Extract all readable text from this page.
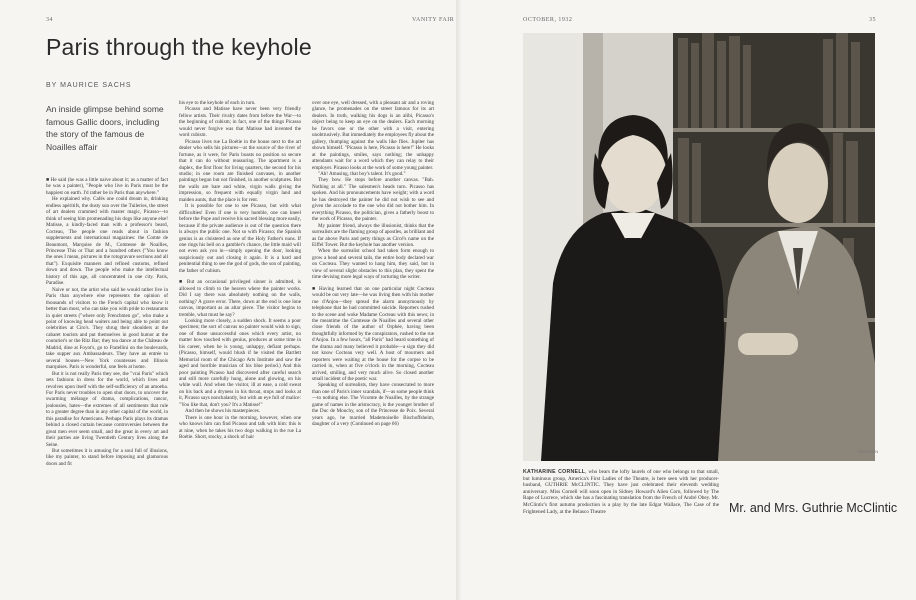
34	VANITY FAIR	OCTOBER, 1932	35
Paris through the keyhole
BY MAURICE SACHS

An inside glimpse behind some famous Gallic doors, including the story of the famous de Noailles affair

■ He said (he was a little naive about it; as a matter of fact he was a painter), "People who live in Paris must be the happiest on earth. I'd rather be in Paris than anywhere."

He explained why. Cafés one could dream in, drinking endless apéritifs, the dusty sun over the Tuileries, the street of art dealers crammed with master magic, Picasso—to think of seeing him promenading his dogs like anyone else! Matisse, a kindly-faced man with a professor's beard, Cocteau, The people one reads about in fashion supplements and international magazines: the Comte de Beaumont, Marquise de M., Comtesse de Noailles, Princesse This or That and a hundred others ("You know the ones I mean, pictures in the rotogravure sections and all that"). Exquisite manners and refined customs, refined down and down. The people who make the intellectual history of this age, all concentrated in one city. Paris, Paradise.

Naive or not, the artist who said he would rather live in Paris than anywhere else represents the opinion of thousands of visitors to the French capital who know it better than most, who can take you with pride to restaurants in quiet streets ("where only Frenchmen go", who make a point of knowing head waiters and being able to point out celebrities at Ciro's. They shrug their shoulders at the cabaret tourists and put themselves in good humor at the couturier's or the Ritz Bar; they tea dance at the Château de Madrid, dine at Foyot's, go to Fratellini on the boulevards, take supper aux Ambassadeurs. They have an entrée to several houses—New York countesses and Illinois marquises. Paris is wonderful, one feels at home.

But it is not really Paris they see, the "vrai Paris" which sets fashions in dress for the world, which lives and revolves upon itself with the self-sufficiency of an amoeba. For Paris never troubles to open shut doors, to uncover the swarming mélange of drama, complications, rancor, jealousies, hates—the extremes of all sentiments that rule to a greater degree than in any other capital of the world, in this paradise for Americans. Perhaps Paris plays its dramas behind a closed curtain because controversies between the great men ever seem small, and the great in every art and their parties are living Twentieth Century lives along the Seine.

But sometimes it is amusing for a soul full of illusions, like my painter, to stand before imposing and glamorous doors and fit

his eye to the keyhole of each in turn.

Picasso and Matisse have never been very friendly fellow artists. Their rivalry dates from before the War—to the beginning of cubism; in fact, one of the things Picasso would never forgive was that Matisse had invented the word cubism.

Picasso lives rue La Boétie in the house next to the art dealer who sells his pictures—at the source of the river of fortune, as it were, for Paris boasts no position so secure that it can do without reassuring. The apartment is a duplex, the first floor for living quarters, the second for his studio; in one room are finished canvases, in another paintings begun but not finished, in another sculptures. But the walls are bare and white, virgin walls giving the impression, so frequent with equally virgin land and maiden aunts, that the place is for rent.

It is possible for one to see Picasso, but with what difficulties! Even if one is very humble, one can kneel before the Pope and receive his sacred blessing more easily, because if the private audience is out of the question there is always the public one. Not so with Picasso; the Spanish genius is as cloistered as one of the Holy Father's nuns. If one rings his bell on a gambler's chance, the little maid will not even ask you in—simply opening the door, looking suspiciously out and closing it again. It is a hard and penitential thing to see the god of gods, the son of painting, the father of cubism.

■ But an occasional privileged sinner is admitted, is allowed to climb to the heaven where the painter works. Did I say there was absolutely nothing on the walls, nothing? A grave error. There, down at the end is one lone canvas, important as an altar piece. The visitor begins to tremble, what must he say?

Looking more closely, a sudden shock. It seems a poor specimen; the sort of canvas no painter would wish to sign, one of those unsuccessful ones which every artist, no matter how touched with genius, produces at some time in his career, when he is young, unhappy, defiant perhaps. (Picasso, himself, would blush if he visited the Bartlett Memorial room of the Chicago Arts Institute and saw the aged and horrible musician of his blue period.) And this poor painting Picasso had discovered after careful search and still more carefully hung, alone and glowing, on his white wall. And when the visitor, ill at ease, a cold sweat on his back and a dryness in his throat, stops and looks at it, Picasso says nonchalantly, but with an eye full of malice: "You like that, don't you? It's a Matisse!"

And then he shows his masterpieces.

There is one hour in the morning, however, when one who knows him can find Picasso and talk with him: this is at nine, when he takes his two dogs walking in the rue La Boétie. Short, stocky, a shock of hair

over one eye, well dressed, with a pleasant air and a roving glance, he promenades on the street famous for its art dealers. In truth, walking his dogs is an alibi, Picasso's object being to keep an eye on the dealers. Each morning he favors one or the other with a visit, entering unobtrusively. But immediately the employees fly about the gallery, thumping against the walls like flies. Jupiter has shown himself. "Picasso is here, Picasso is here!" He looks at the paintings, smiles, says nothing; the unhappy attendants wait for a word which they can relay to their employer. Picasso looks at the work of some young painter.

"Ah! Amusing, that boy's talent. It's good."

They bow. He stops before another canvas. "Bah. Nothing at all." The salesmen's heads turn. Picasso has spoken. And his pronouncements have weight; with a word he has destroyed the painter he did not wish to see and given the accolade to the one who did not bother him. In everything Picasso, the politician, gives a fatherly boost to the work of Picasso, the painter.

My painter friend, always the illusionist, thinks that the surrealists are the flaming group of apostles, as brilliant and as far above Paris and petty things as Circé's name on the Eiffel Tower. But the keyhole has another version.

When the surrealist school had taken form enough to grow a head and several tails, the entire body declared war on Cocteau. They wanted to hang him, they said, but in view of several slight obstacles to this plan, they spent the time devising more legal ways of torturing the writer.

■ Having learned that on one particular night Cocteau would be out very late—he was living then with his mother rue d'Anjou—they spread the alarm anonymously by telephone that he had committed suicide. Reporters rushed to the scene and woke Madame Cocteau with this news; in the meantime the Comtesse de Noailles and several other close friends of the author of Orphée, having been thoughtfully informed by the conspirators, rushed to the rue d'Anjou. In a few hours, "all Paris" had heard something of the drama and many believed it probable—a sign they did not know Cocteau very well. A host of mourners and reporters were waiting at the house for the corpse to be carried in, when at five o'clock in the morning, Cocteau arrived, smiling, and very much alive. So closed another small incident of the poetic war.

Speaking of surrealists, they have consecrated to more than one of Paris's inner scandals, if—as some people think—to nothing else. The Vicomte de Noailles, by the strange game of names in the aristocracy, is the younger brother of the Duc de Mouchy, son of the Princesse de Poix. Several years ago, he married Mademoiselle Bischoffsheim, daughter of a very (Continued on page 66)

STEICHEN

KATHARINE CORNELL, who bears the lofty laurels of one who belongs to that small, but luminous group, America's First Ladies of the Theatre, is here seen with her producer-husband, GUTHRIE McCLINTIC. They have just celebrated their eleventh wedding anniversary. Miss Cornell will soon open in Sidney Howard's Alien Corn, followed by The Rape of Lucrece, which she has a fascinating translation from the French of André Obey. Mr. McClintic's first autumn production is a play by the late Edgar Wallace, The Case of the Frightened Lady, at the Belasco Theatre	Mr. and Mrs. Guthrie McClintic
